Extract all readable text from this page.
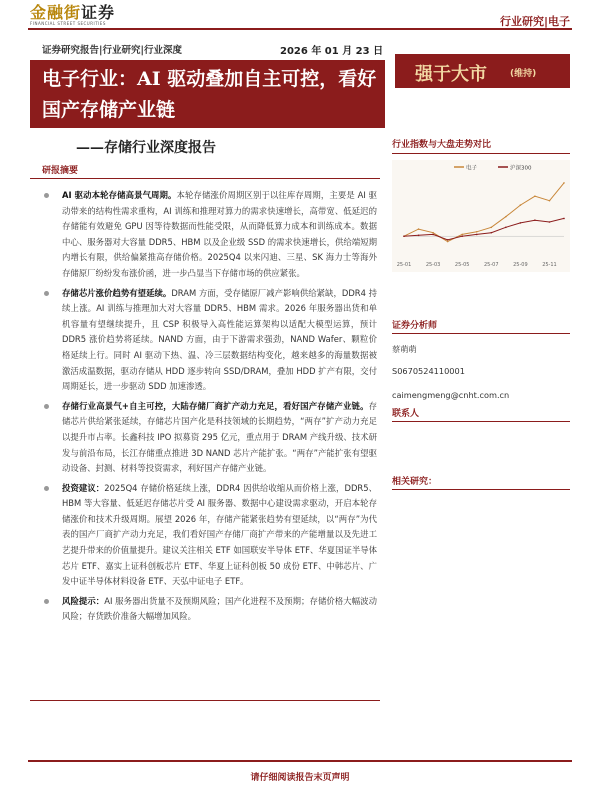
金融街证券
FINANCIAL STREET SECURITIES	行业研究|电子
证券研究报告|行业研究|行业深度	2026 年 01 月 23 日
电子行业：AI 驱动叠加自主可控，看好国产存储产业链
强于大市	(维持)
——存储行业深度报告
研报摘要
AI 驱动本轮存储高景气周期。本轮存储涨价周期区别于以往库存周期，主要是 AI 驱动带来的结构性需求重构，AI 训练和推理对算力的需求快速增长，高带宽、低延迟的存储能有效避免 GPU 因等待数据而性能受限，从而降低算力成本和训练成本。数据中心、服务器对大容量 DDR5、HBM 以及企业级 SSD 的需求快速增长，供给端短期内增长有限，供给偏紧推高存储价格。2025Q4 以来闪迪、三星、SK 海力士等海外存储原厂纷纷发布涨价函，进一步凸显当下存储市场的供应紧张。
存储芯片涨价趋势有望延续。DRAM 方面，受存储原厂减产影响供给紧缺，DDR4 持续上涨。AI 训练与推理加大对大容量 DDR5、HBM 需求。2026 年服务器出货和单机容量有望继续提升，且 CSP 积极导入高性能运算架构以适配大模型运算，预计 DDR5 涨价趋势将延续。NAND 方面，由于下游需求强劲，NAND Wafer、颗粒价格延续上行。同时 AI 驱动下热、温、冷三层数据结构变化，越来越多的海量数据被激活成温数据，驱动存储从 HDD 逐步转向 SSD/DRAM，叠加 HDD 扩产有限，交付周期延长，进一步驱动 SDD 加速渗透。
存储行业高景气+自主可控，大陆存储厂商扩产动力充足，看好国产存储产业链。存储芯片供给紧张延续，存储芯片国产化是科技领域的长期趋势，“两存”扩产动力充足以提升市占率。长鑫科技 IPO 拟募资 295 亿元，重点用于 DRAM 产线升级、技术研发与前沿布局，长江存储重点推进 3D NAND 芯片产能扩张。“两存”产能扩张有望驱动设备、封测、材料等投资需求，利好国产存储产业链。
投资建议：2025Q4 存储价格延续上涨，DDR4 因供给收缩从而价格上涨，DDR5、HBM 等大容量、低延迟存储芯片受 AI 服务器、数据中心建设需求驱动，开启本轮存储涨价和技术升级周期。展望 2026 年，存储产能紧张趋势有望延续，以“两存”为代表的国产厂商扩产动力充足，我们看好国产存储厂商扩产带来的产能增量以及先进工艺提升带来的价值量提升。建议关注相关 ETF 如国联安半导体 ETF、华夏国证半导体芯片 ETF、嘉实上证科创板芯片 ETF、华夏上证科创板 50 成份 ETF、中韩芯片、广发中证半导体材料设备 ETF、天弘中证电子 ETF。
风险提示：AI 服务器出货量不及预期风险；国产化进程不及预期；存储价格大幅波动风险；存货跌价准备大幅增加风险。
行业指数与大盘走势对比
电子	沪深300
25-01	25-03	25-05	25-07	25-09	25-11
证券分析师
蔡萌萌
S0670524110001
caimengmeng@cnht.com.cn
联系人
相关研究：
请仔细阅读报告末页声明
